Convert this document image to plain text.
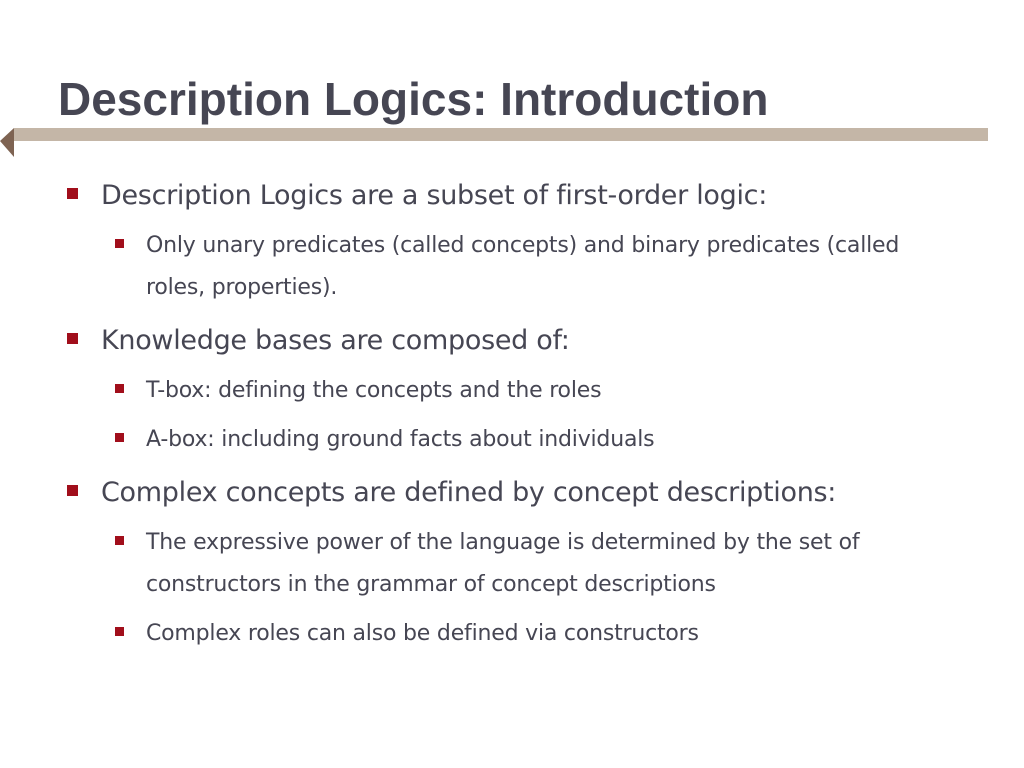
Description Logics: Introduction
Description Logics are a subset of first-order logic:
Only unary predicates (called concepts) and binary predicates (called roles, properties).
Knowledge bases are composed of:
T-box: defining the concepts and the roles
A-box: including ground facts about individuals
Complex concepts are defined by concept descriptions:
The expressive power of the language is determined by the set of constructors in the grammar of concept descriptions
Complex roles can also be defined via constructors
